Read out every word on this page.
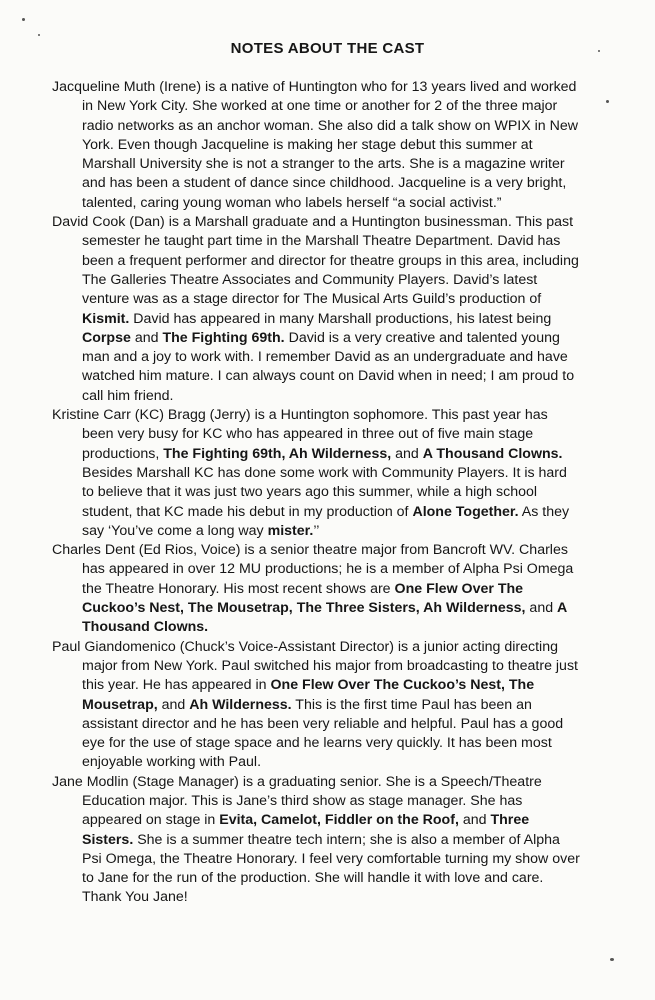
NOTES ABOUT THE CAST

Jacqueline Muth (Irene) is a native of Huntington who for 13 years lived and worked in New York City. She worked at one time or another for 2 of the three major radio networks as an anchor woman. She also did a talk show on WPIX in New York. Even though Jacqueline is making her stage debut this summer at Marshall University she is not a stranger to the arts. She is a magazine writer and has been a student of dance since childhood. Jacqueline is a very bright, talented, caring young woman who labels herself “a social activist.”

David Cook (Dan) is a Marshall graduate and a Huntington businessman. This past semester he taught part time in the Marshall Theatre Department. David has been a frequent performer and director for theatre groups in this area, including The Galleries Theatre Associates and Community Players. David’s latest venture was as a stage director for The Musical Arts Guild’s production of Kismit. David has appeared in many Marshall productions, his latest being Corpse and The Fighting 69th. David is a very creative and talented young man and a joy to work with. I remember David as an undergraduate and have watched him mature. I can always count on David when in need; I am proud to call him friend.

Kristine Carr (KC) Bragg (Jerry) is a Huntington sophomore. This past year has been very busy for KC who has appeared in three out of five main stage productions, The Fighting 69th, Ah Wilderness, and A Thousand Clowns. Besides Marshall KC has done some work with Community Players. It is hard to believe that it was just two years ago this summer, while a high school student, that KC made his debut in my production of Alone Together. As they say ‘You’ve come a long way mister.’’

Charles Dent (Ed Rios, Voice) is a senior theatre major from Bancroft WV. Charles has appeared in over 12 MU productions; he is a member of Alpha Psi Omega the Theatre Honorary. His most recent shows are One Flew Over The Cuckoo’s Nest, The Mousetrap, The Three Sisters, Ah Wilderness, and A Thousand Clowns.

Paul Giandomenico (Chuck’s Voice-Assistant Director) is a junior acting directing major from New York. Paul switched his major from broadcasting to theatre just this year. He has appeared in One Flew Over The Cuckoo’s Nest, The Mousetrap, and Ah Wilderness. This is the first time Paul has been an assistant director and he has been very reliable and helpful. Paul has a good eye for the use of stage space and he learns very quickly. It has been most enjoyable working with Paul.

Jane Modlin (Stage Manager) is a graduating senior. She is a Speech/Theatre Education major. This is Jane’s third show as stage manager. She has appeared on stage in Evita, Camelot, Fiddler on the Roof, and Three Sisters. She is a summer theatre tech intern; she is also a member of Alpha Psi Omega, the Theatre Honorary. I feel very comfortable turning my show over to Jane for the run of the production. She will handle it with love and care. Thank You Jane!
